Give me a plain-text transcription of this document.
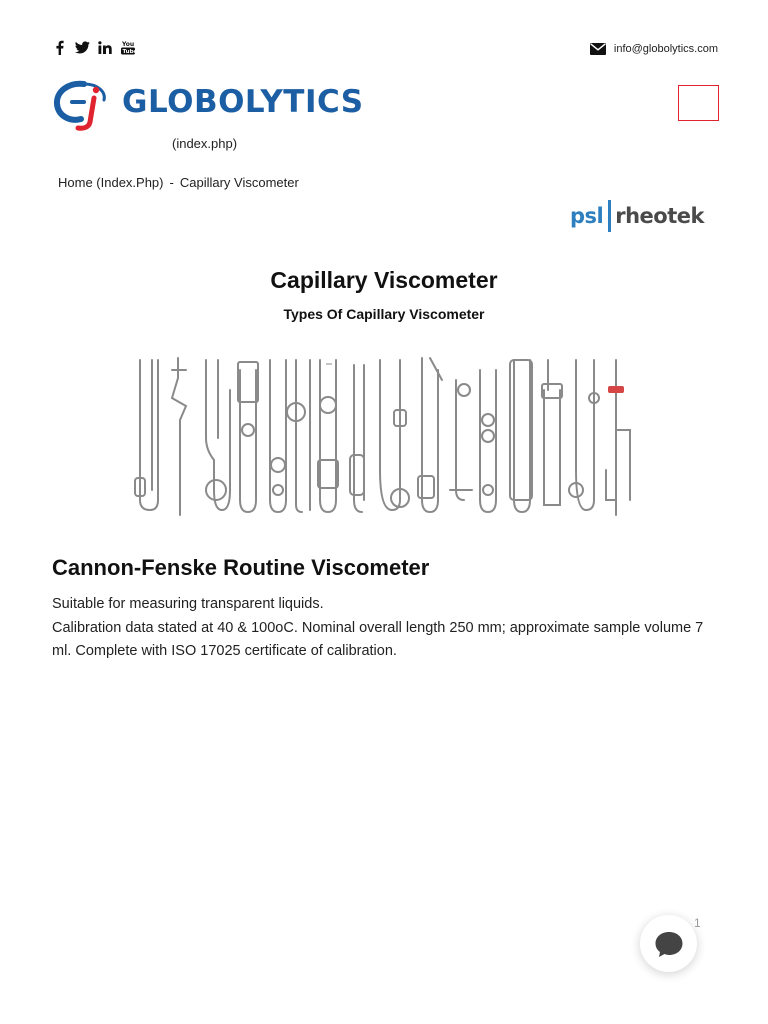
You
Tube	info@globolytics.com
GLOBOLYTICS
(index.php)
Home (Index.Php) - Capillary Viscometer
psl rheotek
Capillary Viscometer
Types Of Capillary Viscometer
Cannon-Fenske Routine Viscometer

Suitable for measuring transparent liquids.

Calibration data stated at 40 & 100oC. Nominal overall length 250 mm; approximate sample volume 7 ml. Complete with ISO 17025 certificate of calibration.

1
